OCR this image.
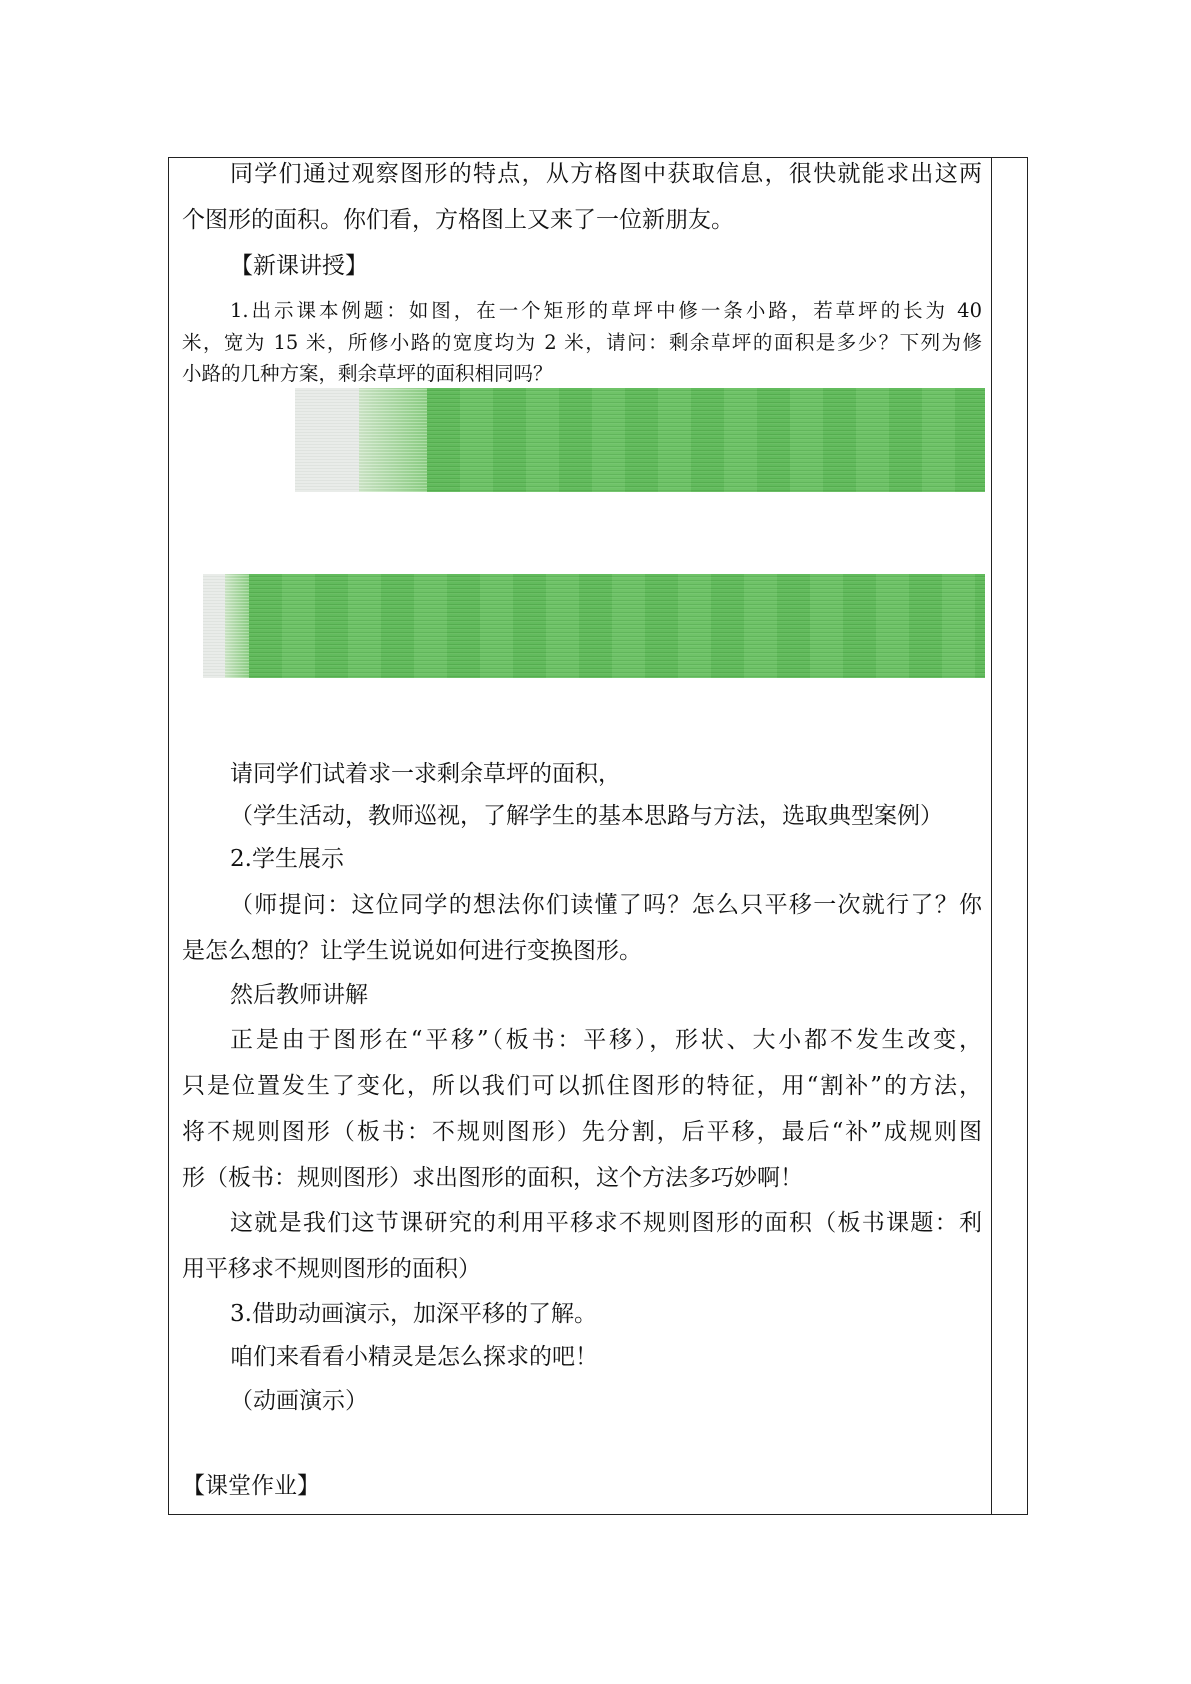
同学们通过观察图形的特点，从方格图中获取信息，很快就能求出这两
个图形的面积。你们看，方格图上又来了一位新朋友。
【新课讲授】
1.出示课本例题：如图，在一个矩形的草坪中修一条小路，若草坪的长为 40
米，宽为 15 米，所修小路的宽度均为 2 米，请问：剩余草坪的面积是多少？下列为修
小路的几种方案，剩余草坪的面积相同吗？
请同学们试着求一求剩余草坪的面积，
（学生活动，教师巡视，了解学生的基本思路与方法，选取典型案例）
2.学生展示
（师提问：这位同学的想法你们读懂了吗？怎么只平移一次就行了？你
是怎么想的？让学生说说如何进行变换图形。
然后教师讲解
正是由于图形在“平移”（板书：平移），形状、大小都不发生改变，
只是位置发生了变化，所以我们可以抓住图形的特征，用“割补”的方法，
将不规则图形（板书：不规则图形）先分割，后平移，最后“补”成规则图
形（板书：规则图形）求出图形的面积，这个方法多巧妙啊！
这就是我们这节课研究的利用平移求不规则图形的面积（板书课题：利
用平移求不规则图形的面积）
3.借助动画演示，加深平移的了解。
咱们来看看小精灵是怎么探求的吧！
（动画演示）
【课堂作业】
